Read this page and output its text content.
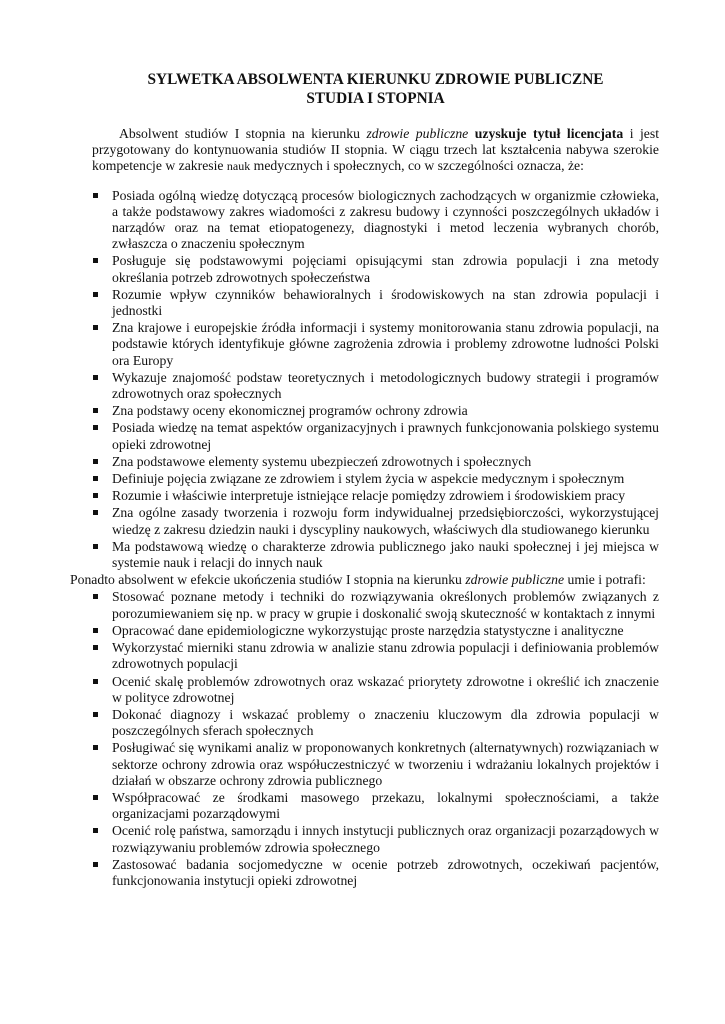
SYLWETKA ABSOLWENTA KIERUNKU ZDROWIE PUBLICZNE
STUDIA I STOPNIA

Absolwent studiów I stopnia na kierunku zdrowie publiczne uzyskuje tytuł licencjata i jest przygotowany do kontynuowania studiów II stopnia. W ciągu trzech lat kształcenia nabywa szerokie kompetencje w zakresie nauk medycznych i społecznych, co w szczególności oznacza, że:

Posiada ogólną wiedzę dotyczącą procesów biologicznych zachodzących w organizmie człowieka, a także podstawowy zakres wiadomości z zakresu budowy i czynności poszczególnych układów i narządów oraz na temat etiopatogenezy, diagnostyki i metod leczenia wybranych chorób, zwłaszcza o znaczeniu społecznym
Posługuje się podstawowymi pojęciami opisującymi stan zdrowia populacji i zna metody określania potrzeb zdrowotnych społeczeństwa
Rozumie wpływ czynników behawioralnych i środowiskowych na stan zdrowia populacji i jednostki
Zna krajowe i europejskie źródła informacji i systemy monitorowania stanu zdrowia populacji, na podstawie których identyfikuje główne zagrożenia zdrowia i problemy zdrowotne ludności Polski ora Europy
Wykazuje znajomość podstaw teoretycznych i metodologicznych budowy strategii i programów zdrowotnych oraz społecznych
Zna podstawy oceny ekonomicznej programów ochrony zdrowia
Posiada wiedzę na temat aspektów organizacyjnych i prawnych funkcjonowania polskiego systemu opieki zdrowotnej
Zna podstawowe elementy systemu ubezpieczeń zdrowotnych i społecznych
Definiuje pojęcia związane ze zdrowiem i stylem życia w aspekcie medycznym i społecznym
Rozumie i właściwie interpretuje istniejące relacje pomiędzy zdrowiem i środowiskiem pracy
Zna ogólne zasady tworzenia i rozwoju form indywidualnej przedsiębiorczości, wykorzystującej wiedzę z zakresu dziedzin nauki i dyscypliny naukowych, właściwych dla studiowanego kierunku
Ma podstawową wiedzę o charakterze zdrowia publicznego jako nauki społecznej i jej miejsca w systemie nauk i relacji do innych nauk

Ponadto absolwent w efekcie ukończenia studiów I stopnia na kierunku zdrowie publiczne umie i potrafi:

Stosować poznane metody i techniki do rozwiązywania określonych problemów związanych z porozumiewaniem się np. w pracy w grupie i doskonalić swoją skuteczność w kontaktach z innymi
Opracować dane epidemiologiczne wykorzystując proste narzędzia statystyczne i analityczne
Wykorzystać mierniki stanu zdrowia w analizie stanu zdrowia populacji i definiowania problemów zdrowotnych populacji
Ocenić skalę problemów zdrowotnych oraz wskazać priorytety zdrowotne i określić ich znaczenie w polityce zdrowotnej
Dokonać diagnozy i wskazać problemy o znaczeniu kluczowym dla zdrowia populacji w poszczególnych sferach społecznych
Posługiwać się wynikami analiz w proponowanych konkretnych (alternatywnych) rozwiązaniach w sektorze ochrony zdrowia oraz współuczestniczyć w tworzeniu i wdrażaniu lokalnych projektów i działań w obszarze ochrony zdrowia publicznego
Współpracować ze środkami masowego przekazu, lokalnymi społecznościami, a także organizacjami pozarządowymi
Ocenić rolę państwa, samorządu i innych instytucji publicznych oraz organizacji pozarządowych w rozwiązywaniu problemów zdrowia społecznego
Zastosować badania socjomedyczne w ocenie potrzeb zdrowotnych, oczekiwań pacjentów, funkcjonowania instytucji opieki zdrowotnej
